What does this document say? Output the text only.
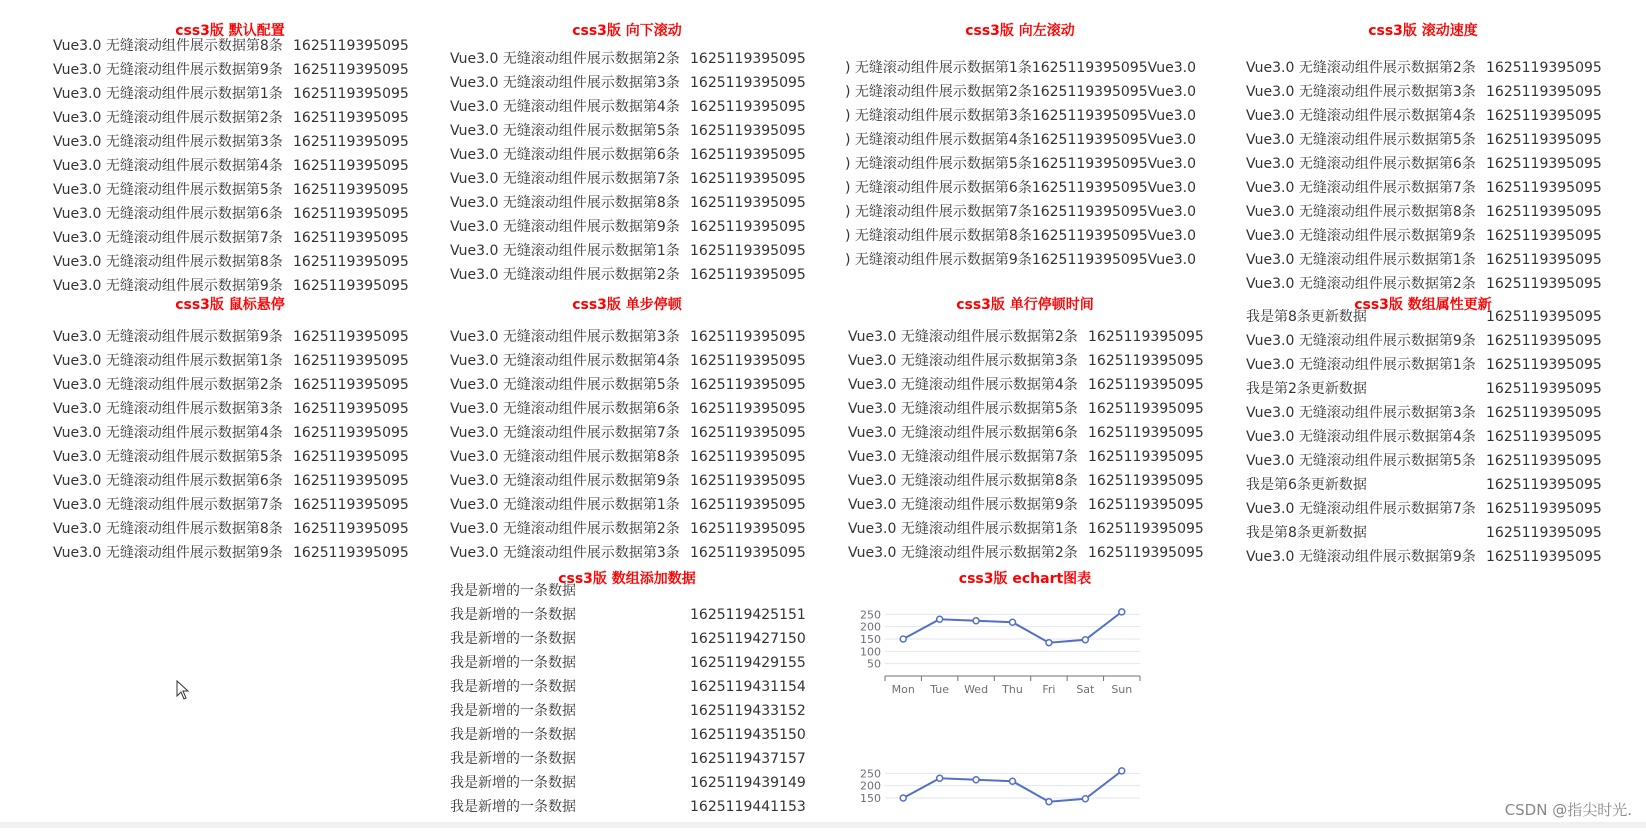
css3版 默认配置
Vue3.0 无缝滚动组件展示数据第8条 1625119395095
Vue3.0 无缝滚动组件展示数据第9条 1625119395095
Vue3.0 无缝滚动组件展示数据第1条 1625119395095
Vue3.0 无缝滚动组件展示数据第2条 1625119395095
Vue3.0 无缝滚动组件展示数据第3条 1625119395095
Vue3.0 无缝滚动组件展示数据第4条 1625119395095
Vue3.0 无缝滚动组件展示数据第5条 1625119395095
Vue3.0 无缝滚动组件展示数据第6条 1625119395095
Vue3.0 无缝滚动组件展示数据第7条 1625119395095
Vue3.0 无缝滚动组件展示数据第8条 1625119395095
Vue3.0 无缝滚动组件展示数据第9条 1625119395095
css3版 向下滚动
Vue3.0 无缝滚动组件展示数据第2条 1625119395095
Vue3.0 无缝滚动组件展示数据第3条 1625119395095
Vue3.0 无缝滚动组件展示数据第4条 1625119395095
Vue3.0 无缝滚动组件展示数据第5条 1625119395095
Vue3.0 无缝滚动组件展示数据第6条 1625119395095
Vue3.0 无缝滚动组件展示数据第7条 1625119395095
Vue3.0 无缝滚动组件展示数据第8条 1625119395095
Vue3.0 无缝滚动组件展示数据第9条 1625119395095
Vue3.0 无缝滚动组件展示数据第1条 1625119395095
Vue3.0 无缝滚动组件展示数据第2条 1625119395095
css3版 向左滚动
) 无缝滚动组件展示数据第1条1625119395095Vue3.0
) 无缝滚动组件展示数据第2条1625119395095Vue3.0
) 无缝滚动组件展示数据第3条1625119395095Vue3.0
) 无缝滚动组件展示数据第4条1625119395095Vue3.0
) 无缝滚动组件展示数据第5条1625119395095Vue3.0
) 无缝滚动组件展示数据第6条1625119395095Vue3.0
) 无缝滚动组件展示数据第7条1625119395095Vue3.0
) 无缝滚动组件展示数据第8条1625119395095Vue3.0
) 无缝滚动组件展示数据第9条1625119395095Vue3.0
css3版 滚动速度
Vue3.0 无缝滚动组件展示数据第2条 1625119395095
Vue3.0 无缝滚动组件展示数据第3条 1625119395095
Vue3.0 无缝滚动组件展示数据第4条 1625119395095
Vue3.0 无缝滚动组件展示数据第5条 1625119395095
Vue3.0 无缝滚动组件展示数据第6条 1625119395095
Vue3.0 无缝滚动组件展示数据第7条 1625119395095
Vue3.0 无缝滚动组件展示数据第8条 1625119395095
Vue3.0 无缝滚动组件展示数据第9条 1625119395095
Vue3.0 无缝滚动组件展示数据第1条 1625119395095
Vue3.0 无缝滚动组件展示数据第2条 1625119395095
css3版 鼠标悬停
Vue3.0 无缝滚动组件展示数据第9条 1625119395095
Vue3.0 无缝滚动组件展示数据第1条 1625119395095
Vue3.0 无缝滚动组件展示数据第2条 1625119395095
Vue3.0 无缝滚动组件展示数据第3条 1625119395095
Vue3.0 无缝滚动组件展示数据第4条 1625119395095
Vue3.0 无缝滚动组件展示数据第5条 1625119395095
Vue3.0 无缝滚动组件展示数据第6条 1625119395095
Vue3.0 无缝滚动组件展示数据第7条 1625119395095
Vue3.0 无缝滚动组件展示数据第8条 1625119395095
Vue3.0 无缝滚动组件展示数据第9条 1625119395095
css3版 单步停顿
Vue3.0 无缝滚动组件展示数据第3条 1625119395095
Vue3.0 无缝滚动组件展示数据第4条 1625119395095
Vue3.0 无缝滚动组件展示数据第5条 1625119395095
Vue3.0 无缝滚动组件展示数据第6条 1625119395095
Vue3.0 无缝滚动组件展示数据第7条 1625119395095
Vue3.0 无缝滚动组件展示数据第8条 1625119395095
Vue3.0 无缝滚动组件展示数据第9条 1625119395095
Vue3.0 无缝滚动组件展示数据第1条 1625119395095
Vue3.0 无缝滚动组件展示数据第2条 1625119395095
Vue3.0 无缝滚动组件展示数据第3条 1625119395095
css3版 单行停顿时间
Vue3.0 无缝滚动组件展示数据第2条 1625119395095
Vue3.0 无缝滚动组件展示数据第3条 1625119395095
Vue3.0 无缝滚动组件展示数据第4条 1625119395095
Vue3.0 无缝滚动组件展示数据第5条 1625119395095
Vue3.0 无缝滚动组件展示数据第6条 1625119395095
Vue3.0 无缝滚动组件展示数据第7条 1625119395095
Vue3.0 无缝滚动组件展示数据第8条 1625119395095
Vue3.0 无缝滚动组件展示数据第9条 1625119395095
Vue3.0 无缝滚动组件展示数据第1条 1625119395095
Vue3.0 无缝滚动组件展示数据第2条 1625119395095
css3版 数组属性更新
我是第8条更新数据	1625119395095
Vue3.0 无缝滚动组件展示数据第9条 1625119395095
Vue3.0 无缝滚动组件展示数据第1条 1625119395095
我是第2条更新数据	1625119395095
Vue3.0 无缝滚动组件展示数据第3条 1625119395095
Vue3.0 无缝滚动组件展示数据第4条 1625119395095
Vue3.0 无缝滚动组件展示数据第5条 1625119395095
我是第6条更新数据	1625119395095
Vue3.0 无缝滚动组件展示数据第7条 1625119395095
我是第8条更新数据	1625119395095
Vue3.0 无缝滚动组件展示数据第9条 1625119395095
css3版 数组添加数据
我是新增的一条数据
我是新增的一条数据	1625119425151
我是新增的一条数据	1625119427150
我是新增的一条数据	1625119429155
我是新增的一条数据	1625119431154
我是新增的一条数据	1625119433152
我是新增的一条数据	1625119435150
我是新增的一条数据	1625119437157
我是新增的一条数据	1625119439149
我是新增的一条数据	1625119441153
css3版 echart图表
250
200
150
100
50
Mon Tue Wed Thu Fri Sat Sun
250
200
150
CSDN @指尖时光.
